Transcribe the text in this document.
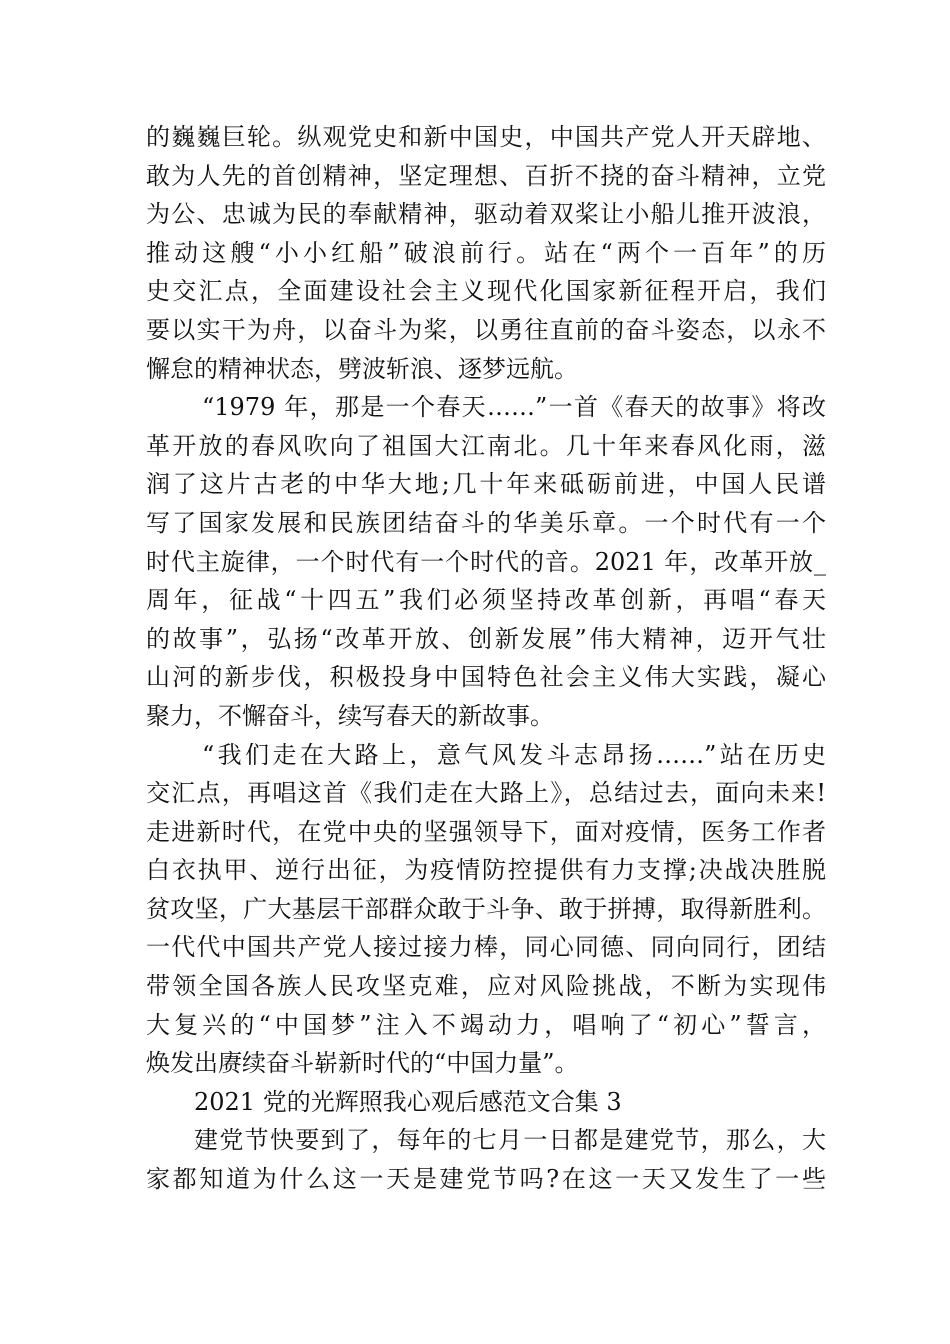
的巍巍巨轮。纵观党史和新中国史，中国共产党人开天辟地、
敢为人先的首创精神，坚定理想、百折不挠的奋斗精神，立党
为公、忠诚为民的奉献精神，驱动着双桨让小船儿推开波浪，
推动这艘“小小红船”破浪前行。站在“两个一百年”的历
史交汇点，全面建设社会主义现代化国家新征程开启，我们
要以实干为舟，以奋斗为桨，以勇往直前的奋斗姿态，以永不
懈怠的精神状态，劈波斩浪、逐梦远航。
“1979 年，那是一个春天……”一首《春天的故事》将改
革开放的春风吹向了祖国大江南北。几十年来春风化雨，滋
润了这片古老的中华大地;几十年来砥砺前进，中国人民谱
写了国家发展和民族团结奋斗的华美乐章。一个时代有一个
时代主旋律，一个时代有一个时代的音。2021 年，改革开放_
周年，征战“十四五”我们必须坚持改革创新，再唱“春天
的故事”，弘扬“改革开放、创新发展”伟大精神，迈开气壮
山河的新步伐，积极投身中国特色社会主义伟大实践，凝心
聚力，不懈奋斗，续写春天的新故事。
“我们走在大路上，意气风发斗志昂扬……”站在历史
交汇点，再唱这首《我们走在大路上》，总结过去，面向未来!
走进新时代，在党中央的坚强领导下，面对疫情，医务工作者
白衣执甲、逆行出征，为疫情防控提供有力支撑;决战决胜脱
贫攻坚，广大基层干部群众敢于斗争、敢于拼搏，取得新胜利。
一代代中国共产党人接过接力棒，同心同德、同向同行，团结
带领全国各族人民攻坚克难，应对风险挑战，不断为实现伟
大复兴的“中国梦”注入不竭动力，唱响了“初心”誓言，
焕发出赓续奋斗崭新时代的“中国力量”。
2021 党的光辉照我心观后感范文合集 3
建党节快要到了，每年的七月一日都是建党节，那么，大
家都知道为什么这一天是建党节吗?在这一天又发生了一些
